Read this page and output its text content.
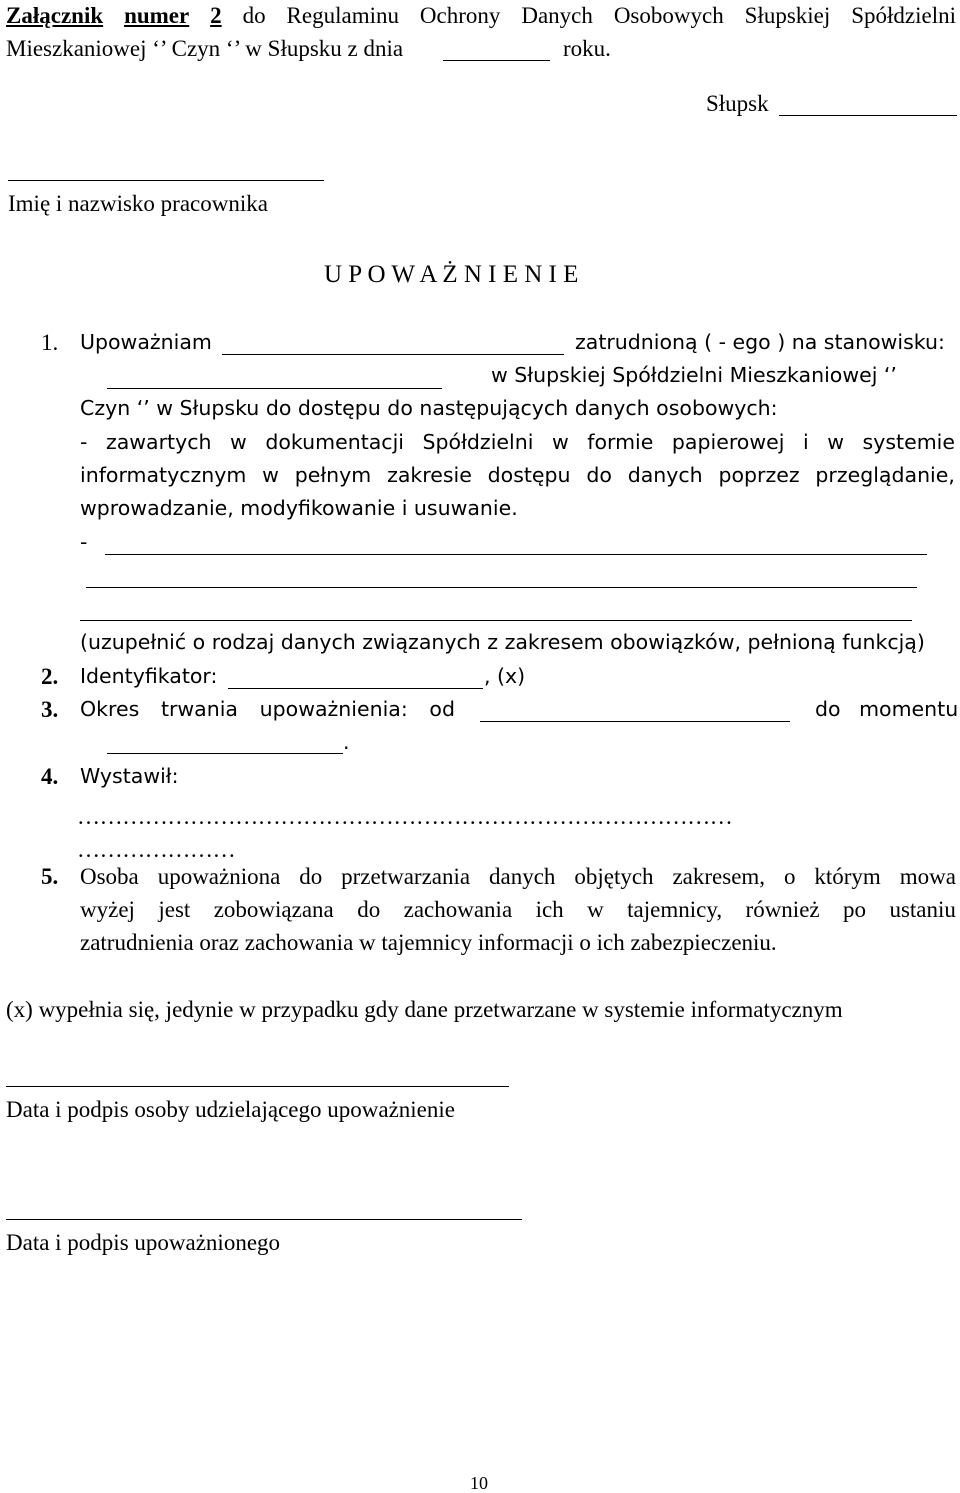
Załącznik numer 2 do Regulaminu Ochrony Danych Osobowych Słupskiej Spółdzielni
Mieszkaniowej ‘’ Czyn ‘’ w Słupsku z dnia	roku.
Słupsk
Imię i nazwisko pracownika
U P O W A Ż N I E N I E
1. Upoważniam	zatrudnioną ( - ego ) na stanowisku:
w Słupskiej Spółdzielni Mieszkaniowej ‘’
Czyn ‘’ w Słupsku do dostępu do następujących danych osobowych:
- zawartych w dokumentacji Spółdzielni w formie papierowej i w systemie
informatycznym w pełnym zakresie dostępu do danych poprzez przeglądanie,
wprowadzanie, modyfikowanie i usuwanie.
-
(uzupełnić o rodzaj danych związanych z zakresem obowiązków, pełnioną funkcją)
2. Identyfikator:	, (x)
3. Okres trwania upoważnienia: od	do momentu
.
4. Wystawił:
……………………………………………………………………………
…………………
5. Osoba upoważniona do przetwarzania danych objętych zakresem, o którym mowa
wyżej jest zobowiązana do zachowania ich w tajemnicy, również po ustaniu
zatrudnienia oraz zachowania w tajemnicy informacji o ich zabezpieczeniu.
(x) wypełnia się, jedynie w przypadku gdy dane przetwarzane w systemie informatycznym
Data i podpis osoby udzielającego upoważnienie
Data i podpis upoważnionego
10
